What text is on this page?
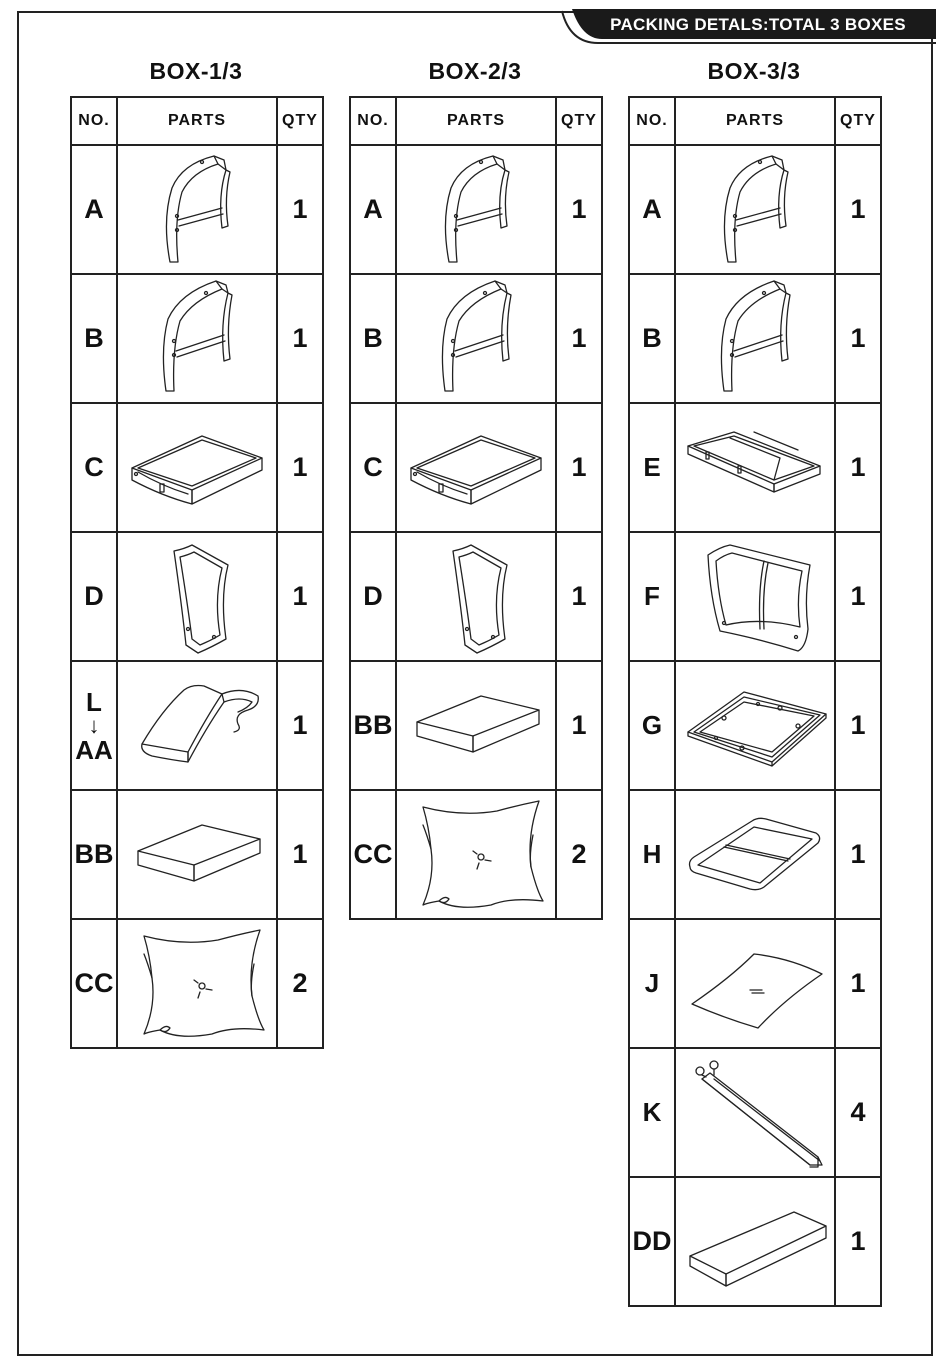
PACKING DETALS:TOTAL 3 BOXES
BOX-1/3
NO.	PARTS	QTY
A		1
B		1
C		1
D		1

L
↓
AA		1
BB		1
CC		2
BOX-2/3
NO.	PARTS	QTY
A		1
B		1
C		1
D		1
BB		1
CC		2
BOX-3/3
NO.	PARTS	QTY
A		1
B		1
E		1
F		1
G		1
H		1
J		1
K		4
DD		1
